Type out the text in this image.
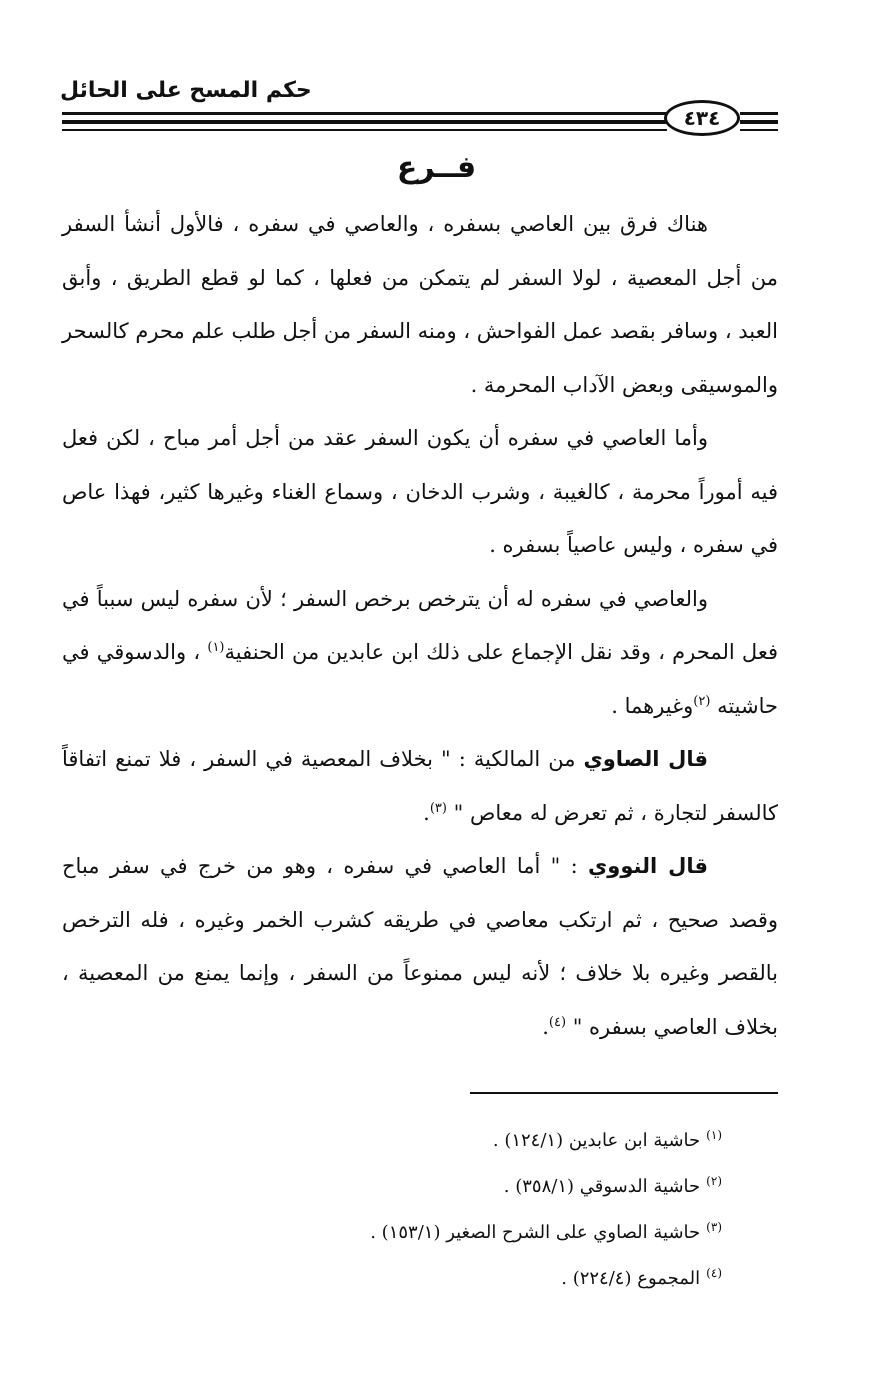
حكم المسح على الحائل
٤٣٤
فــرع

هناك فرق بين العاصي بسفره ، والعاصي في سفره ، فالأول أنشأ السفر من أجل المعصية ، لولا السفر لم يتمكن من فعلها ، كما لو قطع الطريق ، وأبق العبد ، وسافر بقصد عمل الفواحش ، ومنه السفر من أجل طلب علم محرم كالسحر والموسيقى وبعض الآداب المحرمة .

وأما العاصي في سفره أن يكون السفر عقد من أجل أمر مباح ، لكن فعل فيه أموراً محرمة ، كالغيبة ، وشرب الدخان ، وسماع الغناء وغيرها كثير، فهذا عاص في سفره ، وليس عاصياً بسفره .

والعاصي في سفره له أن يترخص برخص السفر ؛ لأن سفره ليس سبباً في فعل المحرم ، وقد نقل الإجماع على ذلك ابن عابدين من الحنفية$^{(١)}$ ، والدسوقي في حاشيته $^{(٢)}$وغيرهما .

قال الصاوي من المالكية : " بخلاف المعصية في السفر ، فلا تمنع اتفاقاً كالسفر لتجارة ، ثم تعرض له معاص " $^{(٣)}$.

قال النووي : " أما العاصي في سفره ، وهو من خرج في سفر مباح وقصد صحيح ، ثم ارتكب معاصي في طريقه كشرب الخمر وغيره ، فله الترخص بالقصر وغيره بلا خلاف ؛ لأنه ليس ممنوعاً من السفر ، وإنما يمنع من المعصية ، بخلاف العاصي بسفره " $^{(٤)}$.

$^{(١)}$حاشية ابن عابدين (١٢٤/١) .
$^{(٢)}$حاشية الدسوقي (٣٥٨/١) .
$^{(٣)}$حاشية الصاوي على الشرح الصغير (١٥٣/١) .
$^{(٤)}$المجموع (٢٢٤/٤) .
